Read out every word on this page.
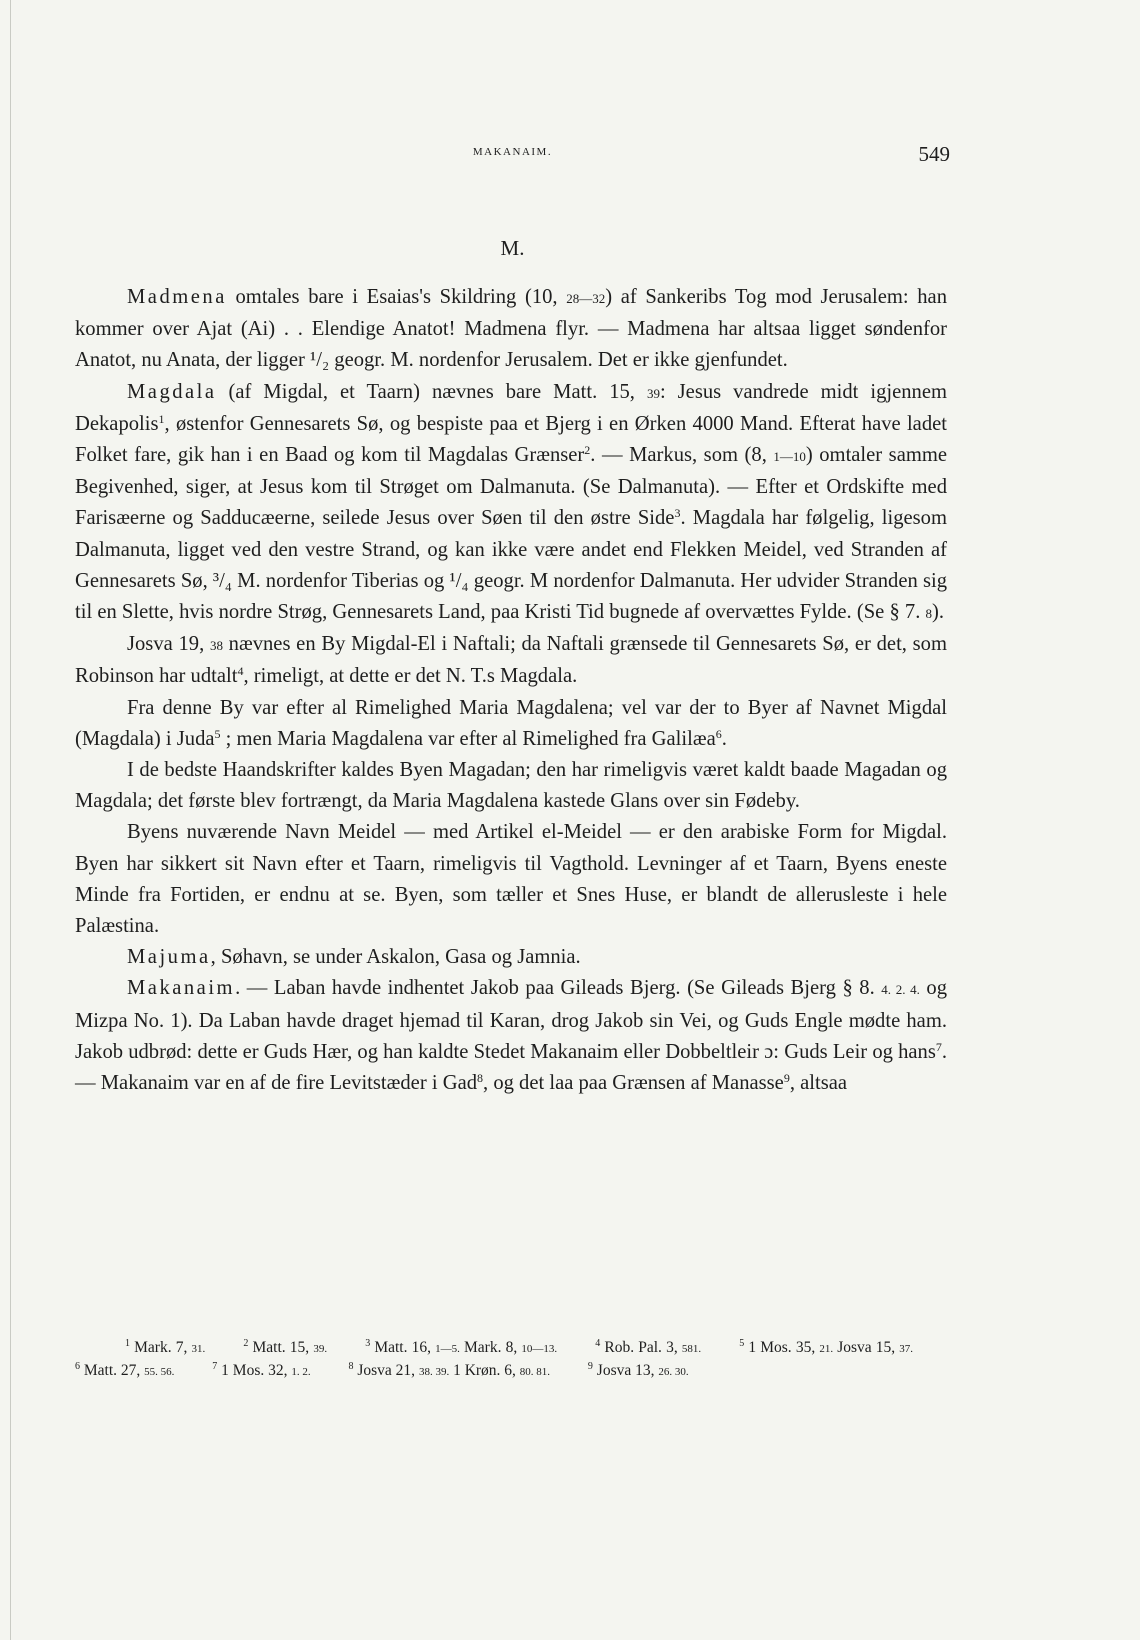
MAKANAIM.	549
M.

Madmena omtales bare i Esaias's Skildring (10, 28—32) af Sankeribs Tog mod Jerusalem: han kommer over Ajat (Ai) . . Elendige Anatot! Madmena flyr. — Madmena har altsaa ligget søndenfor Anatot, nu Anata, der ligger ¹/₂ geogr. M. nordenfor Jerusalem. Det er ikke gjenfundet.

Magdala (af Migdal, et Taarn) nævnes bare Matt. 15, 39: Jesus vandrede midt igjennem Dekapolis$^1$, østenfor Gennesarets Sø, og bespiste paa et Bjerg i en Ørken 4000 Mand. Efterat have ladet Folket fare, gik han i en Baad og kom til Magdalas Grænser$^2$. — Markus, som (8, 1—10) omtaler samme Begivenhed, siger, at Jesus kom til Strøget om Dalmanuta. (Se Dalmanuta). — Efter et Ordskifte med Farisæerne og Sadducæerne, seilede Jesus over Søen til den østre Side$^3$. Magdala har følgelig, ligesom Dalmanuta, ligget ved den vestre Strand, og kan ikke være andet end Flekken Meidel, ved Stranden af Gennesarets Sø, ³/₄ M. nordenfor Tiberias og ¹/₄ geogr. M nordenfor Dalmanuta. Her udvider Stranden sig til en Slette, hvis nordre Strøg, Gennesarets Land, paa Kristi Tid bugnede af overvættes Fylde. (Se § 7. 8).

Josva 19, 38 nævnes en By Migdal-El i Naftali; da Naftali grænsede til Gennesarets Sø, er det, som Robinson har udtalt$^4$, rimeligt, at dette er det N. T.s Magdala.

Fra denne By var efter al Rimelighed Maria Magdalena; vel var der to Byer af Navnet Migdal (Magdala) i Juda$^5$ ; men Maria Magdalena var efter al Rimelighed fra Galilæa$^6$.

I de bedste Haandskrifter kaldes Byen Magadan; den har rimeligvis været kaldt baade Magadan og Magdala; det første blev fortrængt, da Maria Magdalena kastede Glans over sin Fødeby.

Byens nuværende Navn Meidel — med Artikel el-Meidel — er den arabiske Form for Migdal. Byen har sikkert sit Navn efter et Taarn, rimeligvis til Vagthold. Levninger af et Taarn, Byens eneste Minde fra Fortiden, er endnu at se. Byen, som tæller et Snes Huse, er blandt de allerusleste i hele Palæstina.

Majuma, Søhavn, se under Askalon, Gasa og Jamnia.

Makanaim. — Laban havde indhentet Jakob paa Gileads Bjerg. (Se Gileads Bjerg § 8. 4. 2. 4. og Mizpa No. 1). Da Laban havde draget hjemad til Karan, drog Jakob sin Vei, og Guds Engle mødte ham. Jakob udbrød: dette er Guds Hær, og han kaldte Stedet Makanaim eller Dobbeltleir ɔ: Guds Leir og hans$^7$. — Makanaim var en af de fire Levitstæder i Gad$^8$, og det laa paa Grænsen af Manasse$^9$, altsaa

$^1$ Mark. 7, 31.	$^2$ Matt. 15, 39.	$^3$ Matt. 16, 1—5. Mark. 8, 10—13.	$^4$ Rob. Pal. 3, 581.	$^5$ 1 Mos. 35, 21. Josva 15, 37. $^6$ Matt. 27, 55. 56.	$^7$ 1 Mos. 32, 1. 2.	$^8$ Josva 21, 38. 39. 1 Krøn. 6, 80. 81.	$^9$ Josva 13, 26. 30.
